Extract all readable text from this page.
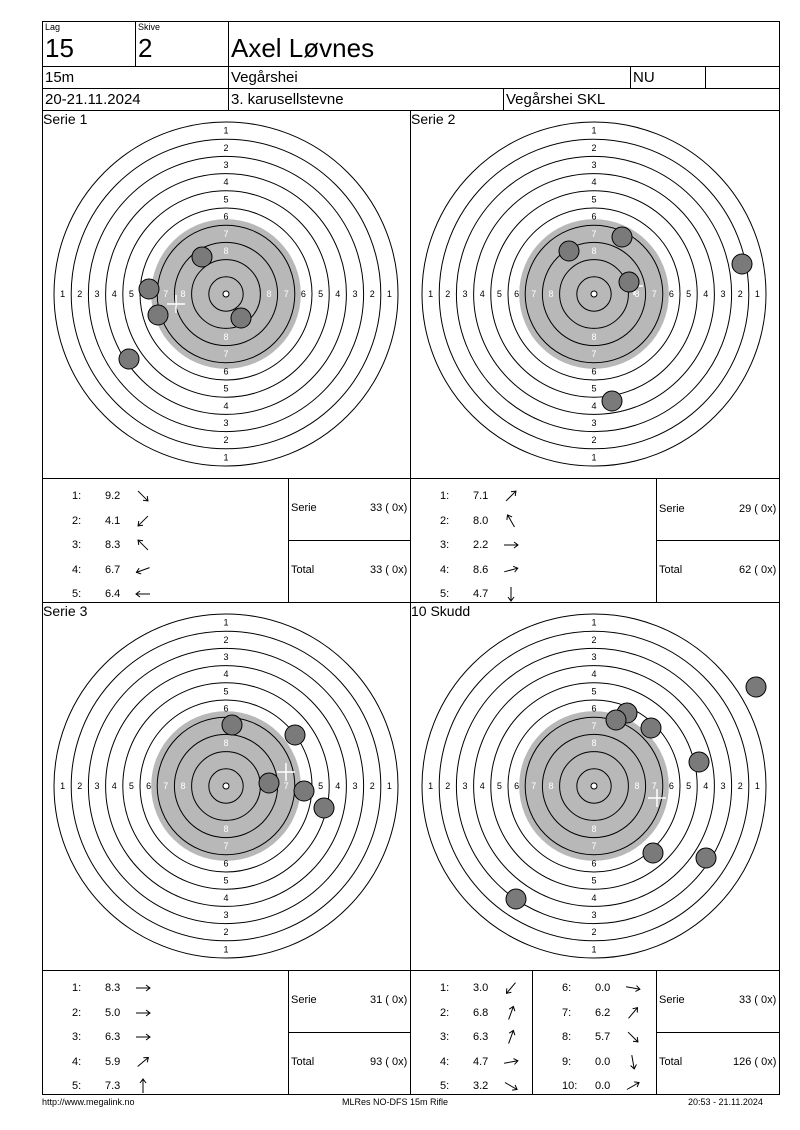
Lag
15
Skive
2	Axel Løvnes
15m	Vegårshei	NU
20-21.11.2024	3. karusellstevne	Vegårshei SKL
Serie 1	Serie 2
Serie 3	10 Skudd
1
1
1	1
2
2
2	2
3
3
3	3
4
4
4	4
5
5
5	5
6
6
6
7
7
7	7
8
8
8	8
1
1
1	1
2
2
2	2
3
3
3	3
4
4
4	4
5
5
5	5
6
6
6	6
7
7
7	7
8
8
8	8
1
1
1	1
2
2
2	2
3
3
3	3
4
4
4	4
5
5
5	5
6
6
6
7
7	7
8
8
8
1
1
1	1
2
2
2	2
3
3
3	3
4
4
4	4
5
5
5	5
6
6
6	6
7
7
7	7
8
8
8	8
1: 9.2
2: 4.1
3: 8.3
4: 6.7
5: 6.4
1: 7.1
2: 8.0
3: 2.2
4: 8.6
5: 4.7
1: 8.3
2: 5.0
3: 6.3
4: 5.9
5: 7.3
1: 3.0
2: 6.8
3: 6.3
4: 4.7
5: 3.2
6: 0.0
7: 6.2
8: 5.7
9: 0.0
10: 0.0
Serie	33 ( 0x)
Total	33 ( 0x)
Serie	29 ( 0x)
Total	62 ( 0x)
Serie	31 ( 0x)
Total	93 ( 0x)
Serie	33 ( 0x)
Total	126 ( 0x)
http://www.megalink.no	MLRes NO-DFS 15m Rifle	20:53 - 21.11.2024
